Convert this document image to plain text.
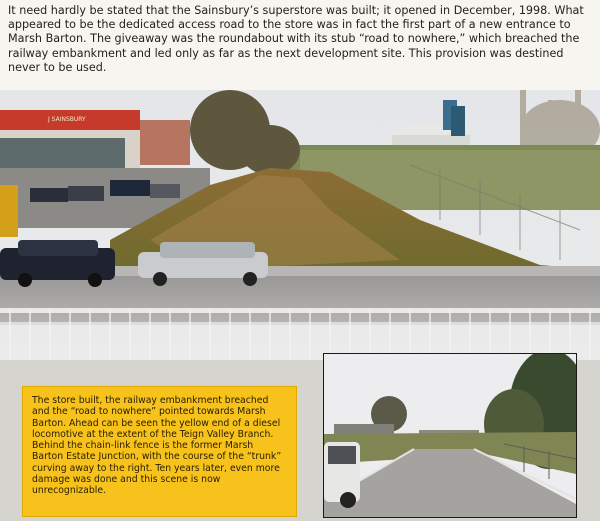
It need hardly be stated that the Sainsbury’s superstore was built; it opened in December, 1998. What appeared to be the dedicated access road to the store was in fact the first part of a new entrance to Marsh Barton. The giveaway was the roundabout with its stub “road to nowhere,” which breached the railway embankment and led only as far as the next development site. This provision was destined never to be used.

J SAINSBURY
The store built, the railway embankment breached and the “road to nowhere” pointed towards Marsh Barton. Ahead can be seen the yellow end of a diesel locomotive at the extent of the Teign Valley Branch. Behind the chain-link fence is the former Marsh Barton Estate Junction, with the course of the “trunk” curving away to the right. Ten years later, even more damage was done and this scene is now unrecognizable.
